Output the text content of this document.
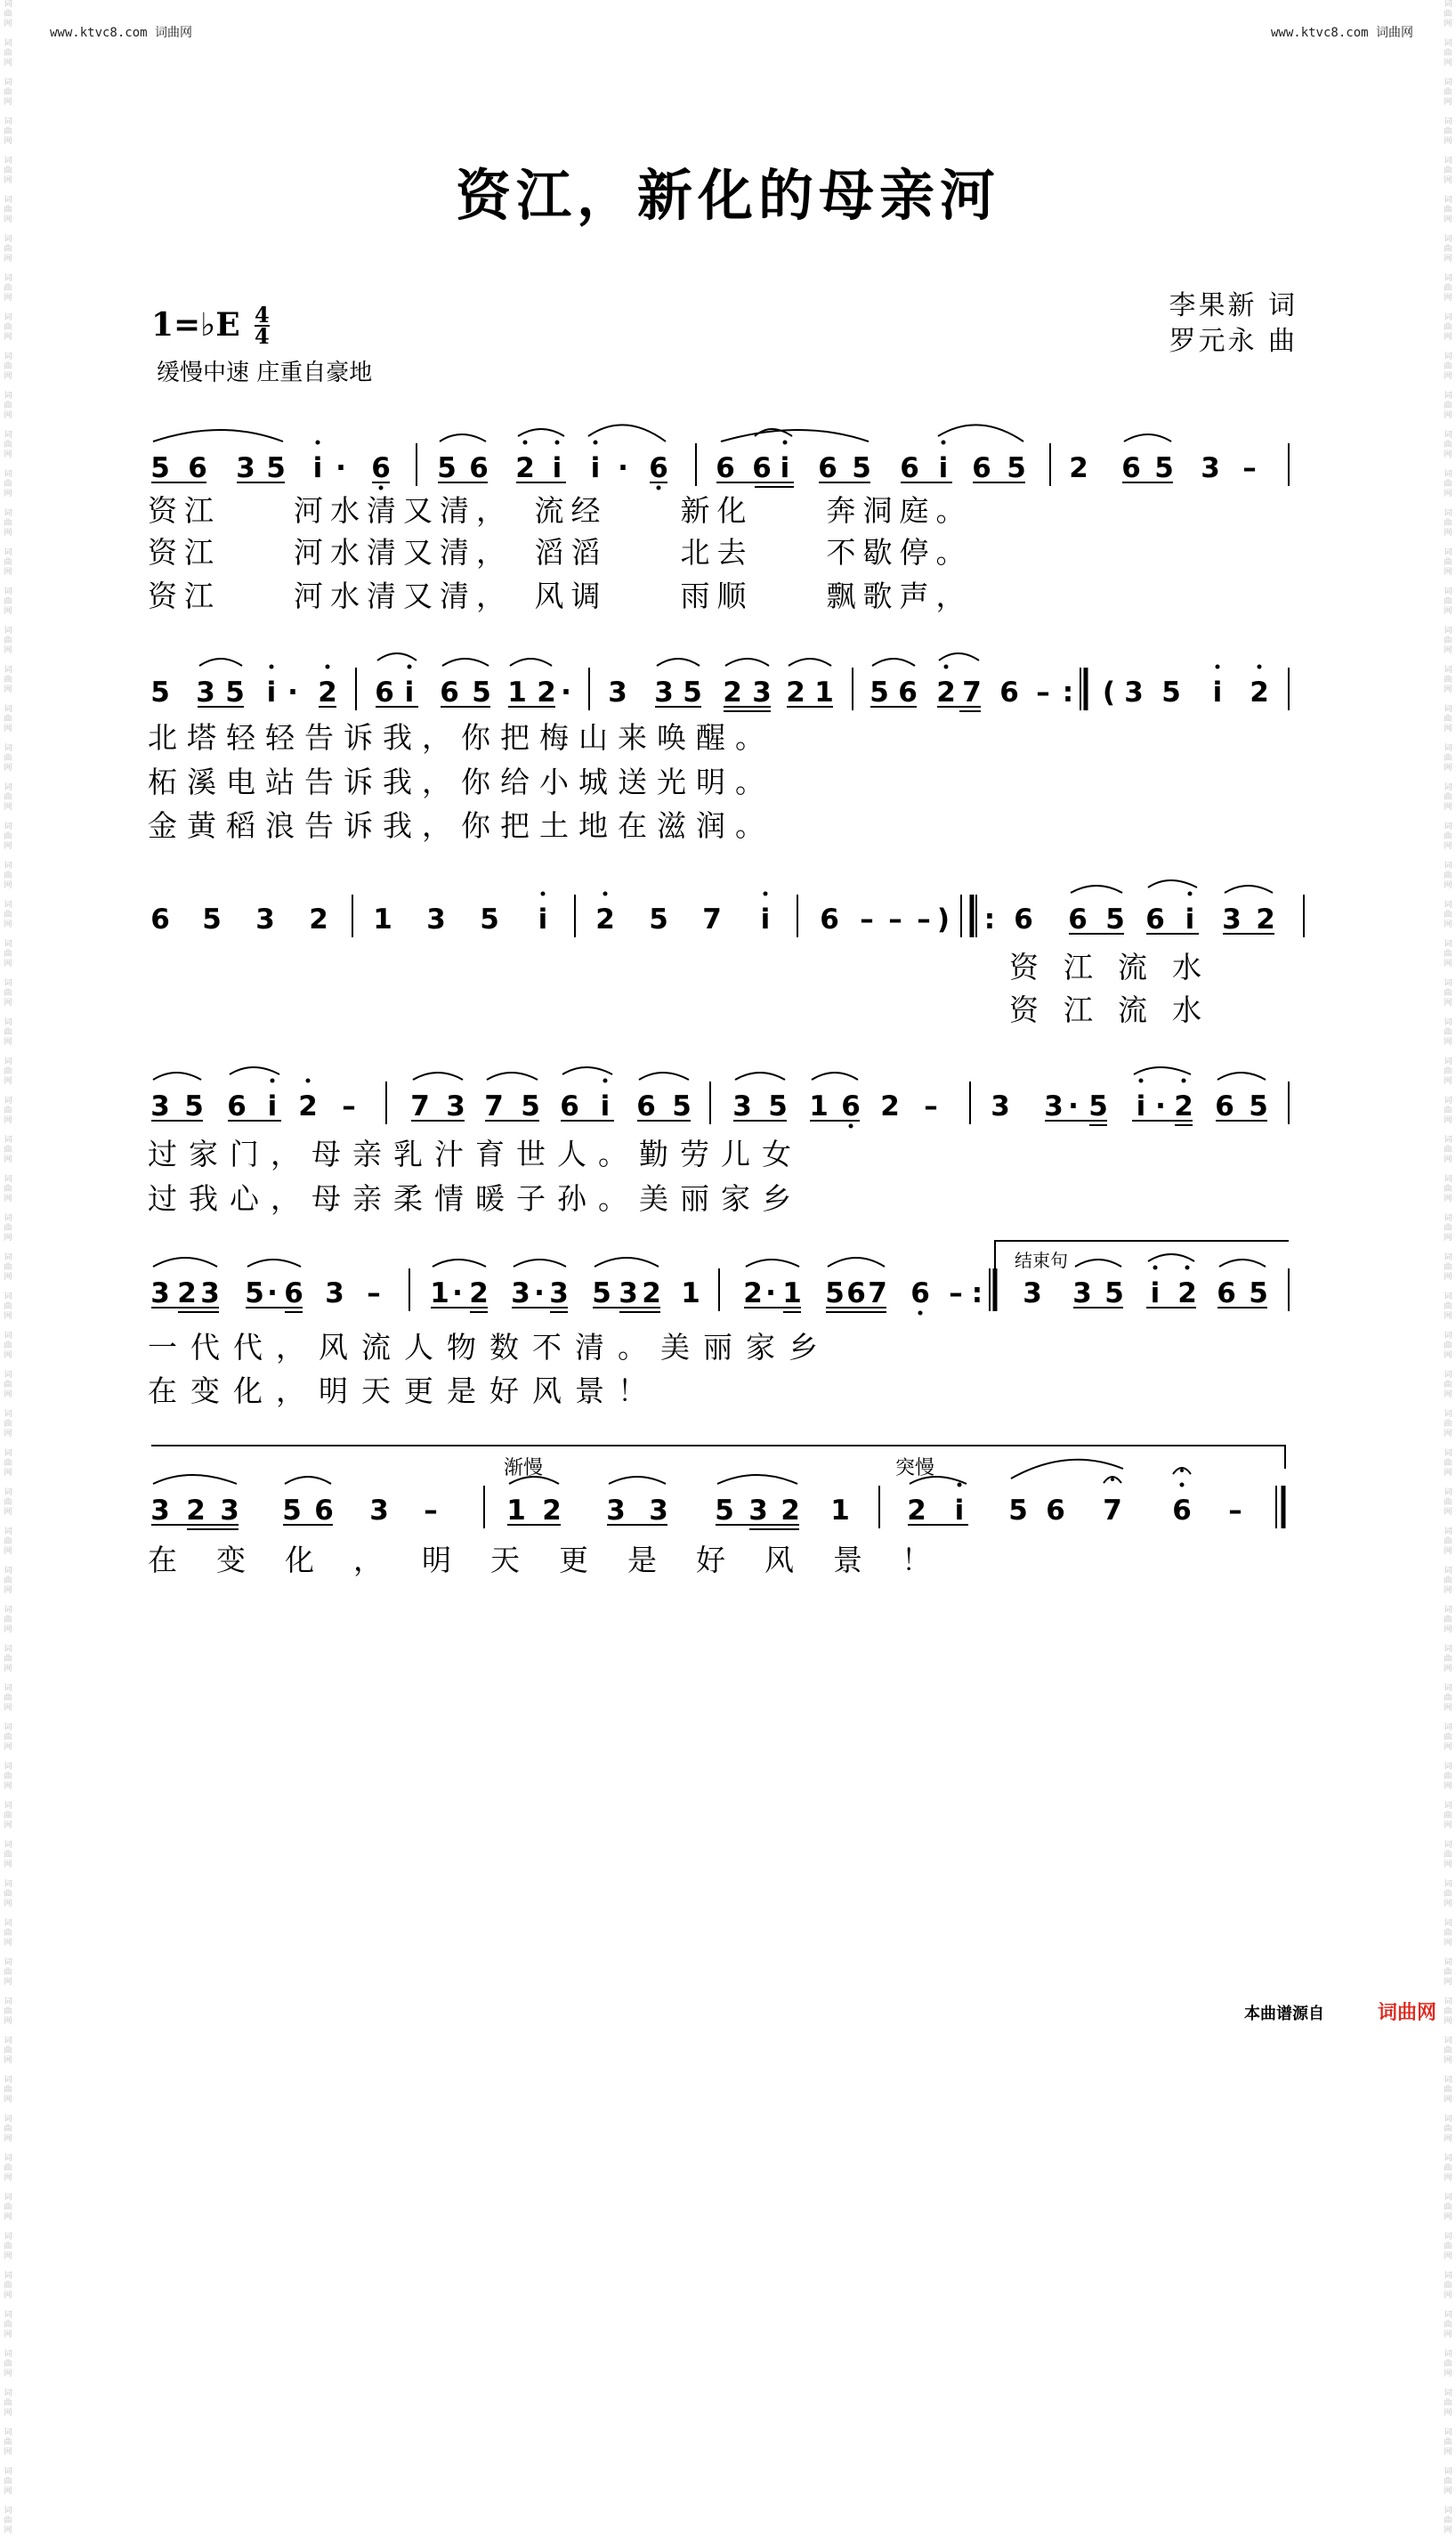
www.ktvc8.com 词曲网	www.ktvc8.com 词曲网
词
曲
网

词
曲
网

词
曲
网

词
曲
网

词
曲
网

词
曲
网

词
曲
网

词
曲
网

词
曲
网

词
曲
网

词
曲
网

词
曲
网

词
曲
网

词
曲
网

词
曲
网

词
曲
网

词
曲
网

词
曲
网

词
曲
网

词
曲
网

词
曲
网

词
曲
网

词
曲
网

词
曲
网

词
曲
网

词
曲
网

词
曲
网

词
曲
网

词
曲
网

词
曲
网

词
曲
网

词
曲
网

词
曲
网

词
曲
网

词
曲
网

词
曲
网

词
曲
网

词
曲
网

词
曲
网

词
曲
网

词
曲
网

词
曲
网

词
曲
网

词
曲
网

词
曲
网

词
曲
网

词
曲
网

词
曲
网

词
曲
网

词
曲
网

词
曲
网

词
曲
网

词
曲
网

词
曲
网

词
曲
网

词
曲
网

词
曲
网

词
曲
网

词
曲
网

词
曲
网

词
曲
网

词
曲
网

词
曲
网

词
曲
网

词
曲
网

词
曲
网

词
曲
网

词
曲
网

词
曲
网

词
曲
网

词
曲
网

词
曲
网

词
曲
网

词
曲
网

词
曲
网

词
曲
网

词
曲
网

词
曲
网

词
曲
网

词
曲
网

词
曲
网

词
曲
网

词
曲
网

词
曲
网

词
曲
网

词
曲
网

词
曲
网

词
曲
网

词
曲
网

词
曲
网

词
曲
网

词
曲
网

词
曲
网

词
曲
网

词
曲
网

词
曲
网

词
曲
网

词
曲
网

词
曲
网

词
曲
网

词
曲
网

词
曲
网

词
曲
网

词
曲
网

词
曲
网

词
曲
网

词
曲
网

词
曲
网

词
曲
网

词
曲
网

词
曲
网

词
曲
网

词
曲
网

词
曲
网

词
曲
网

词
曲
网

词
曲
网

词
曲
网

词
曲
网

词
曲
网

词
曲
网

词
曲
网

词
曲
网

词
曲
网

词
曲
网

词
曲
网

词
曲
网

词
曲
网

词
曲
网

词
曲
网

资江，新化的母亲河
李果新 词
罗元永 曲
1=♭E 4
4
缓慢中速 庄重自豪地
5 6 3 5 i · 6 5 6 2 i i · 6 6 6 i 6 5 6 i 6 5 2 6 5 3 –
5 3 5 i · 2 6 i 6 5 1 2 · 3 3 5 2 3 2 1 5 6 2 7 6 – : ( 3 5 i 2
6 5 3 2 1 3 5 i 2 5 7 i 6 – – – ) : 6 6 5 6 i 3 2
3 5 6 i 2 – 7 3 7 5 6 i 6 5 3 5 1 6 2 – 3 3 · 5 i · 2 6 5
3 2 3 5 · 6 3 – 1 · 2 3 · 3 5 3 2 1 2 · 1 5 6 7 6 – : 3 3 5 i 2 6 5
3 2 3 5 6 3 – 1 2 3 3 5 3 2 1 2 i 5 6 7 6 –
结束句
渐慢	突慢
资江　　河水清又清，　流经　　新化　　奔洞庭。
资江　　河水清又清，　滔滔　　北去　　不歇停。
资江　　河水清又清，　风调　　雨顺　　飘歌声，
北塔轻轻告诉我，你把梅山来唤醒。
柘溪电站告诉我，你给小城送光明。
金黄稻浪告诉我，你把土地在滋润。
资江流水
资江流水
过家门，母亲乳汁育世人。勤劳儿女
过我心，母亲柔情暖子孙。美丽家乡
一代代，风流人物数不清。美丽家乡
在变化，明天更是好风景！
在变化，明天更是好风景！
本曲谱源自	词曲网
